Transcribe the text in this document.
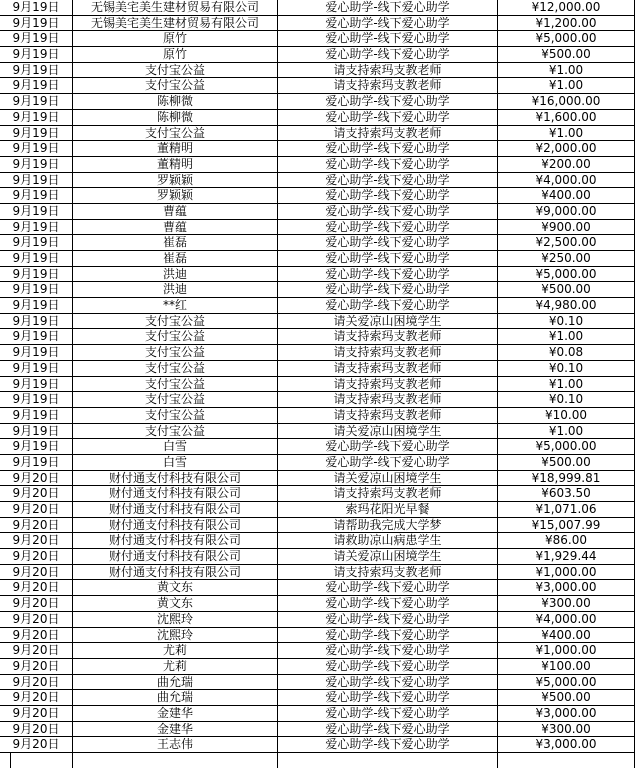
9月19日	无锡美宅美生建材贸易有限公司	爱心助学-线下爱心助学	¥12,000.00
9月19日	无锡美宅美生建材贸易有限公司	爱心助学-线下爱心助学	¥1,200.00
9月19日	原竹	爱心助学-线下爱心助学	¥5,000.00
9月19日	原竹	爱心助学-线下爱心助学	¥500.00
9月19日	支付宝公益	请支持索玛支教老师	¥1.00
9月19日	支付宝公益	请支持索玛支教老师	¥1.00
9月19日	陈柳微	爱心助学-线下爱心助学	¥16,000.00
9月19日	陈柳微	爱心助学-线下爱心助学	¥1,600.00
9月19日	支付宝公益	请支持索玛支教老师	¥1.00
9月19日	董精明	爱心助学-线下爱心助学	¥2,000.00
9月19日	董精明	爱心助学-线下爱心助学	¥200.00
9月19日	罗颖颖	爱心助学-线下爱心助学	¥4,000.00
9月19日	罗颖颖	爱心助学-线下爱心助学	¥400.00
9月19日	曹蕴	爱心助学-线下爱心助学	¥9,000.00
9月19日	曹蕴	爱心助学-线下爱心助学	¥900.00
9月19日	崔磊	爱心助学-线下爱心助学	¥2,500.00
9月19日	崔磊	爱心助学-线下爱心助学	¥250.00
9月19日	洪迪	爱心助学-线下爱心助学	¥5,000.00
9月19日	洪迪	爱心助学-线下爱心助学	¥500.00
9月19日	**红	爱心助学-线下爱心助学	¥4,980.00
9月19日	支付宝公益	请关爱凉山困境学生	¥0.10
9月19日	支付宝公益	请支持索玛支教老师	¥1.00
9月19日	支付宝公益	请支持索玛支教老师	¥0.08
9月19日	支付宝公益	请支持索玛支教老师	¥0.10
9月19日	支付宝公益	请支持索玛支教老师	¥1.00
9月19日	支付宝公益	请支持索玛支教老师	¥0.10
9月19日	支付宝公益	请支持索玛支教老师	¥10.00
9月19日	支付宝公益	请关爱凉山困境学生	¥1.00
9月19日	白雪	爱心助学-线下爱心助学	¥5,000.00
9月19日	白雪	爱心助学-线下爱心助学	¥500.00
9月20日	财付通支付科技有限公司	请关爱凉山困境学生	¥18,999.81
9月20日	财付通支付科技有限公司	请支持索玛支教老师	¥603.50
9月20日	财付通支付科技有限公司	索玛花阳光早餐	¥1,071.06
9月20日	财付通支付科技有限公司	请帮助我完成大学梦	¥15,007.99
9月20日	财付通支付科技有限公司	请救助凉山病患学生	¥86.00
9月20日	财付通支付科技有限公司	请关爱凉山困境学生	¥1,929.44
9月20日	财付通支付科技有限公司	请支持索玛支教老师	¥1,000.00
9月20日	黄文东	爱心助学-线下爱心助学	¥3,000.00
9月20日	黄文东	爱心助学-线下爱心助学	¥300.00
9月20日	沈熙玲	爱心助学-线下爱心助学	¥4,000.00
9月20日	沈熙玲	爱心助学-线下爱心助学	¥400.00
9月20日	尤莉	爱心助学-线下爱心助学	¥1,000.00
9月20日	尤莉	爱心助学-线下爱心助学	¥100.00
9月20日	曲允瑞	爱心助学-线下爱心助学	¥5,000.00
9月20日	曲允瑞	爱心助学-线下爱心助学	¥500.00
9月20日	金建华	爱心助学-线下爱心助学	¥3,000.00
9月20日	金建华	爱心助学-线下爱心助学	¥300.00
9月20日	王志伟	爱心助学-线下爱心助学	¥3,000.00
